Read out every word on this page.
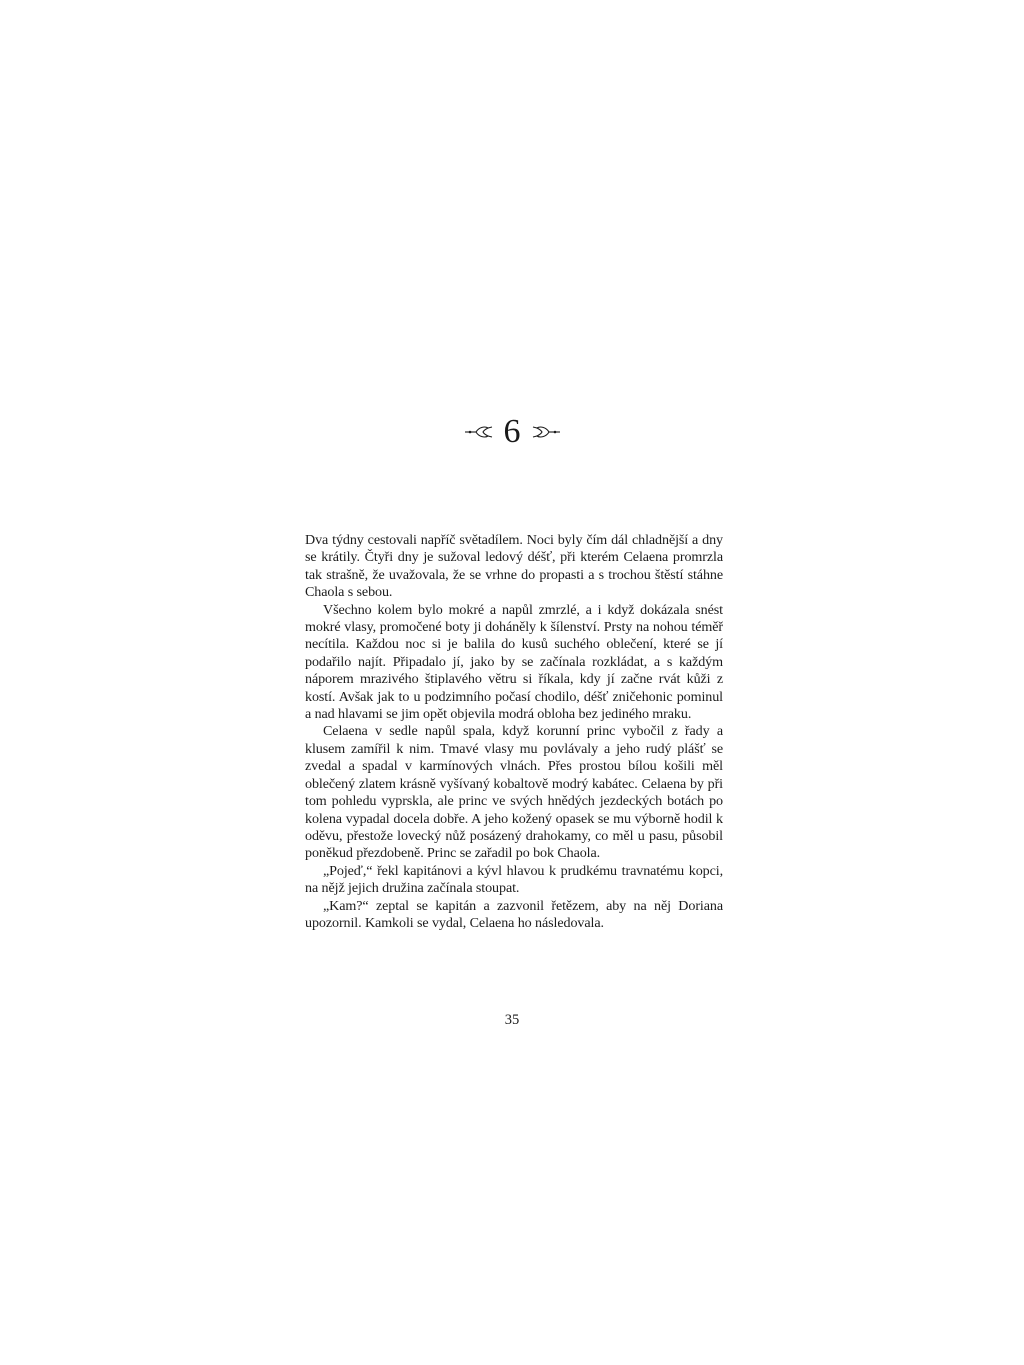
6

Dva týdny cestovali napříč světadílem. Noci byly čím dál chladnější a dny se krátily. Čtyři dny je sužoval ledový déšť, při kterém Celaena promrzla tak strašně, že uvažovala, že se vrhne do propasti a s trochou štěstí stáhne Chaola s sebou.

Všechno kolem bylo mokré a napůl zmrzlé, a i když dokázala snést mokré vlasy, promočené boty ji doháněly k šílenství. Prsty na nohou téměř necítila. Každou noc si je balila do kusů suchého oblečení, které se jí podařilo najít. Připadalo jí, jako by se začínala rozkládat, a s každým náporem mrazivého štiplavého větru si říkala, kdy jí začne rvát kůži z kostí. Avšak jak to u podzimního počasí chodilo, déšť zničehonic pominul a nad hlavami se jim opět objevila modrá obloha bez jediného mraku.

Celaena v sedle napůl spala, když korunní princ vybočil z řady a klusem zamířil k nim. Tmavé vlasy mu povlávaly a jeho rudý plášť se zvedal a spadal v karmínových vlnách. Přes prostou bílou košili měl oblečený zlatem krásně vyšívaný kobaltově modrý kabátec. Celaena by při tom pohledu vyprskla, ale princ ve svých hnědých jezdeckých botách po kolena vypadal docela dobře. A jeho kožený opasek se mu výborně hodil k oděvu, přestože lovecký nůž posázený drahokamy, co měl u pasu, působil poněkud přezdobeně. Princ se zařadil po bok Chaola.

„Pojeď,“ řekl kapitánovi a kývl hlavou k prudkému travnatému kopci, na nějž jejich družina začínala stoupat.

„Kam?“ zeptal se kapitán a zazvonil řetězem, aby na něj Doriana upozornil. Kamkoli se vydal, Celaena ho následovala.

35
